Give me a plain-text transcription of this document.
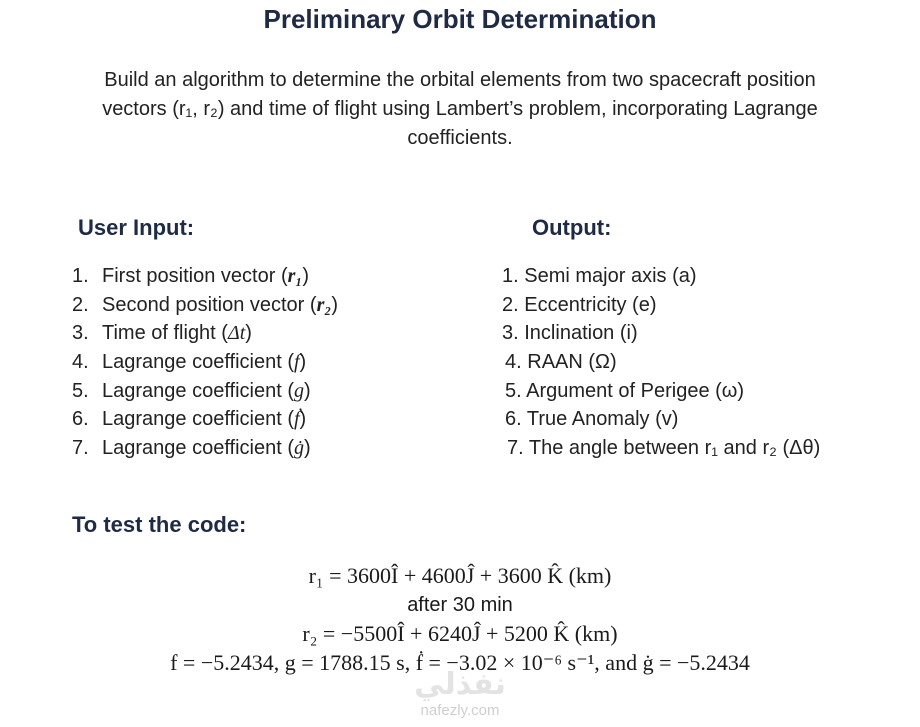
Preliminary Orbit Determination
Build an algorithm to determine the orbital elements from two spacecraft position vectors (r₁, r₂) and time of flight using Lambert’s problem, incorporating Lagrange coefficients.
User Input:	Output:
1. First position vector (r₁)
2. Second position vector (r₂)
3. Time of flight (Δt)
4. Lagrange coefficient (f)
5. Lagrange coefficient (g)
6. Lagrange coefficient (ḟ)
7. Lagrange coefficient (ġ)
1. Semi major axis (a)
2. Eccentricity (e)
3. Inclination (i)
4. RAAN (Ω)
5. Argument of Perigee (ω)
6. True Anomaly (v)
7. The angle between r₁ and r₂ (Δθ)
To test the code:
r₁ = 3600Î + 4600Ĵ + 3600 K̂ (km)
after 30 min
r₂ = −5500Î + 6240Ĵ + 5200 K̂ (km)
f = −5.2434, g = 1788.15 s, ḟ = −3.02 × 10⁻⁶ s⁻¹, and ġ = −5.2434
نفذلي
nafezly.com
